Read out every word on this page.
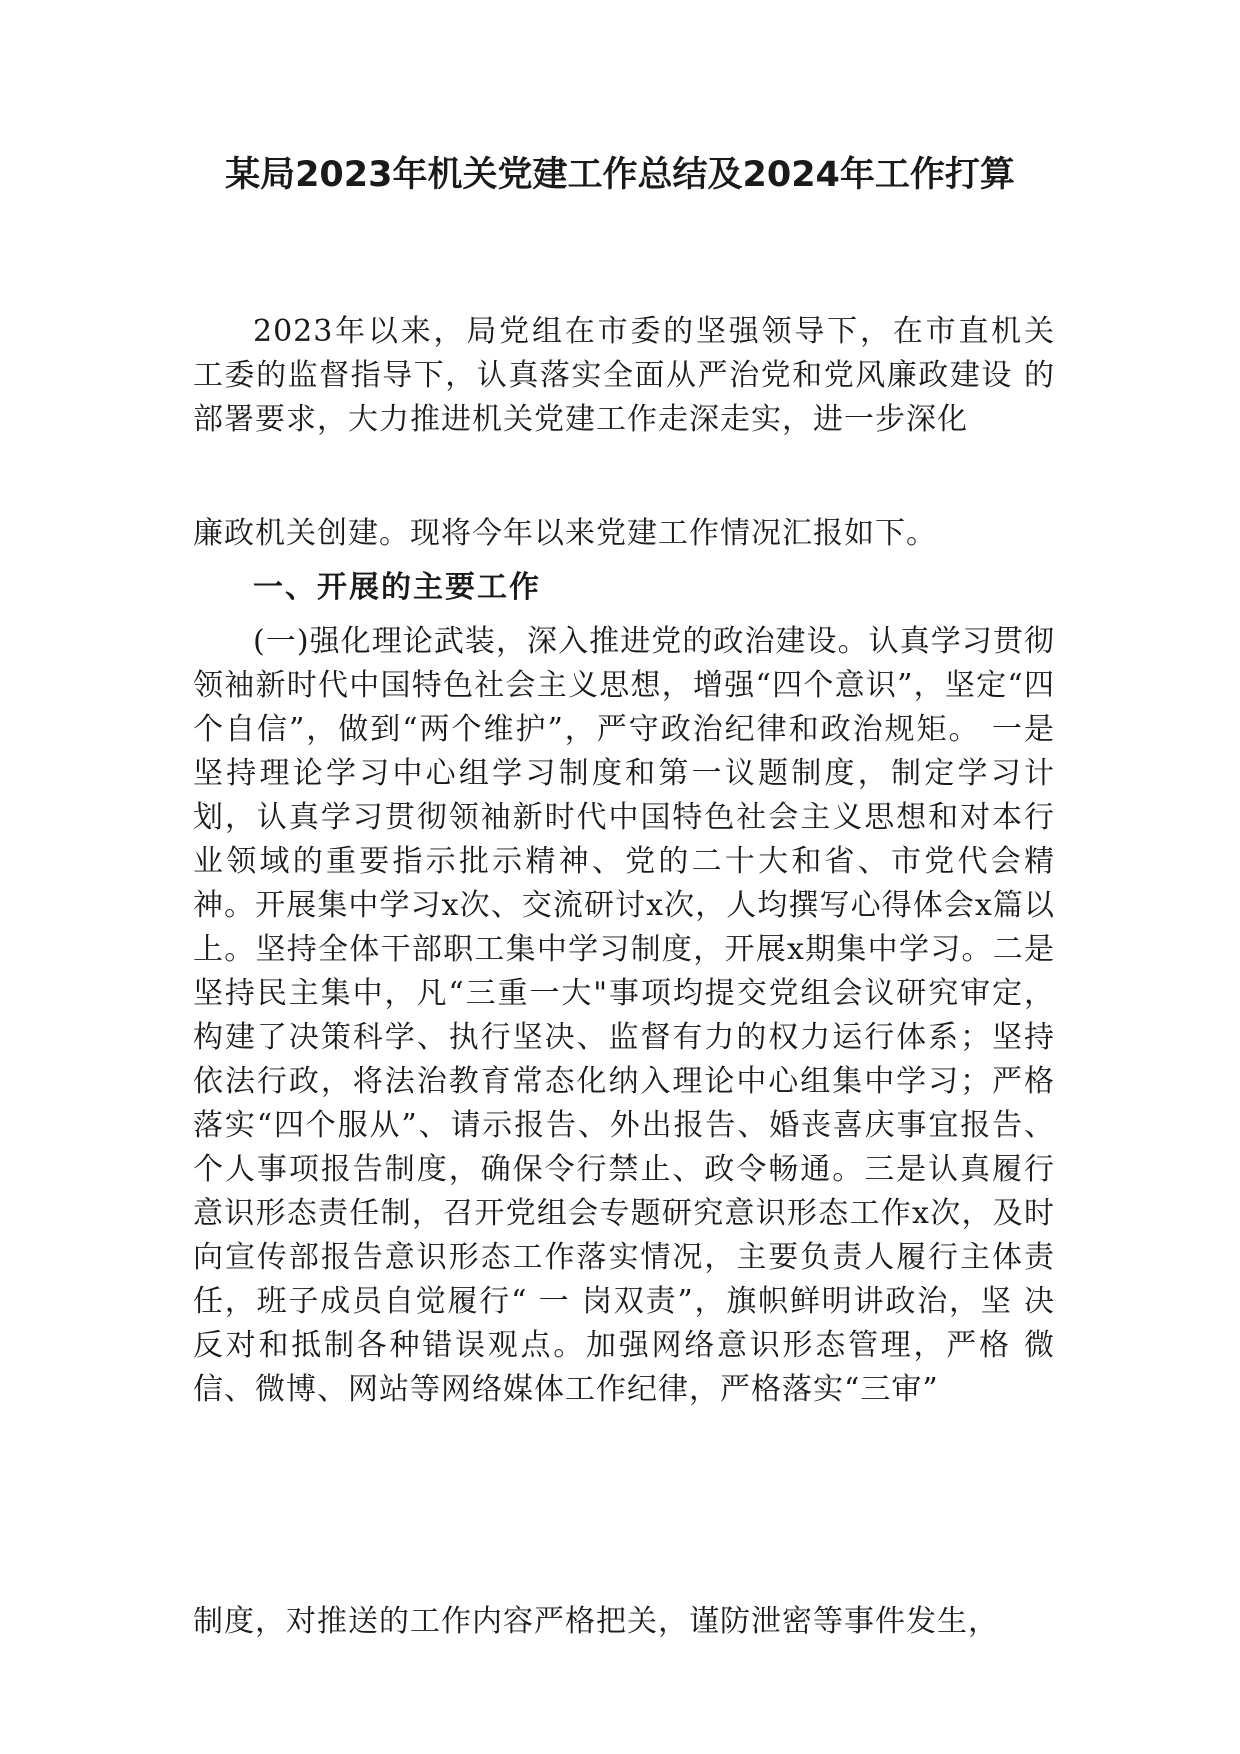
某局2023年机关党建工作总结及2024年工作打算

2023年以来，局党组在市委的坚强领导下，在市直机关 工委的监督指导下，认真落实全面从严治党和党风廉政建设 的部署要求，大力推进机关党建工作走深走实，进一步深化

廉政机关创建。现将今年以来党建工作情况汇报如下。

一、开展的主要工作

(一)强化理论武装，深入推进党的政治建设。认真学习贯彻领袖新时代中国特色社会主义思想，增强“四个意识”，坚定“四个自信”，做到“两个维护”，严守政治纪律和政治规矩。 一是坚持理论学习中心组学习制度和第一议题制度，制定学习计划，认真学习贯彻领袖新时代中国特色社会主义思想和对本行业领域的重要指示批示精神、党的二十大和省、市党代会精神。开展集中学习x次、交流研讨x次，人均撰写心得体会x篇以上。坚持全体干部职工集中学习制度，开展x期集中学习。二是坚持民主集中，凡“三重一大"事项均提交党组会议研究审定，构建了决策科学、执行坚决、监督有力的权力运行体系；坚持依法行政，将法治教育常态化纳入理论中心组集中学习；严格落实“四个服从”、请示报告、外出报告、婚丧喜庆事宜报告、个人事项报告制度，确保令行禁止、政令畅通。三是认真履行意识形态责任制，召开党组会专题研究意识形态工作x次，及时向宣传部报告意识形态工作落实情况，主要负责人履行主体责任，班子成员自觉履行“ 一 岗双责”，旗帜鲜明讲政治，坚 决反对和抵制各种错误观点。加强网络意识形态管理，严格 微信、微博、网站等网络媒体工作纪律，严格落实“三审”

制度，对推送的工作内容严格把关，谨防泄密等事件发生，
